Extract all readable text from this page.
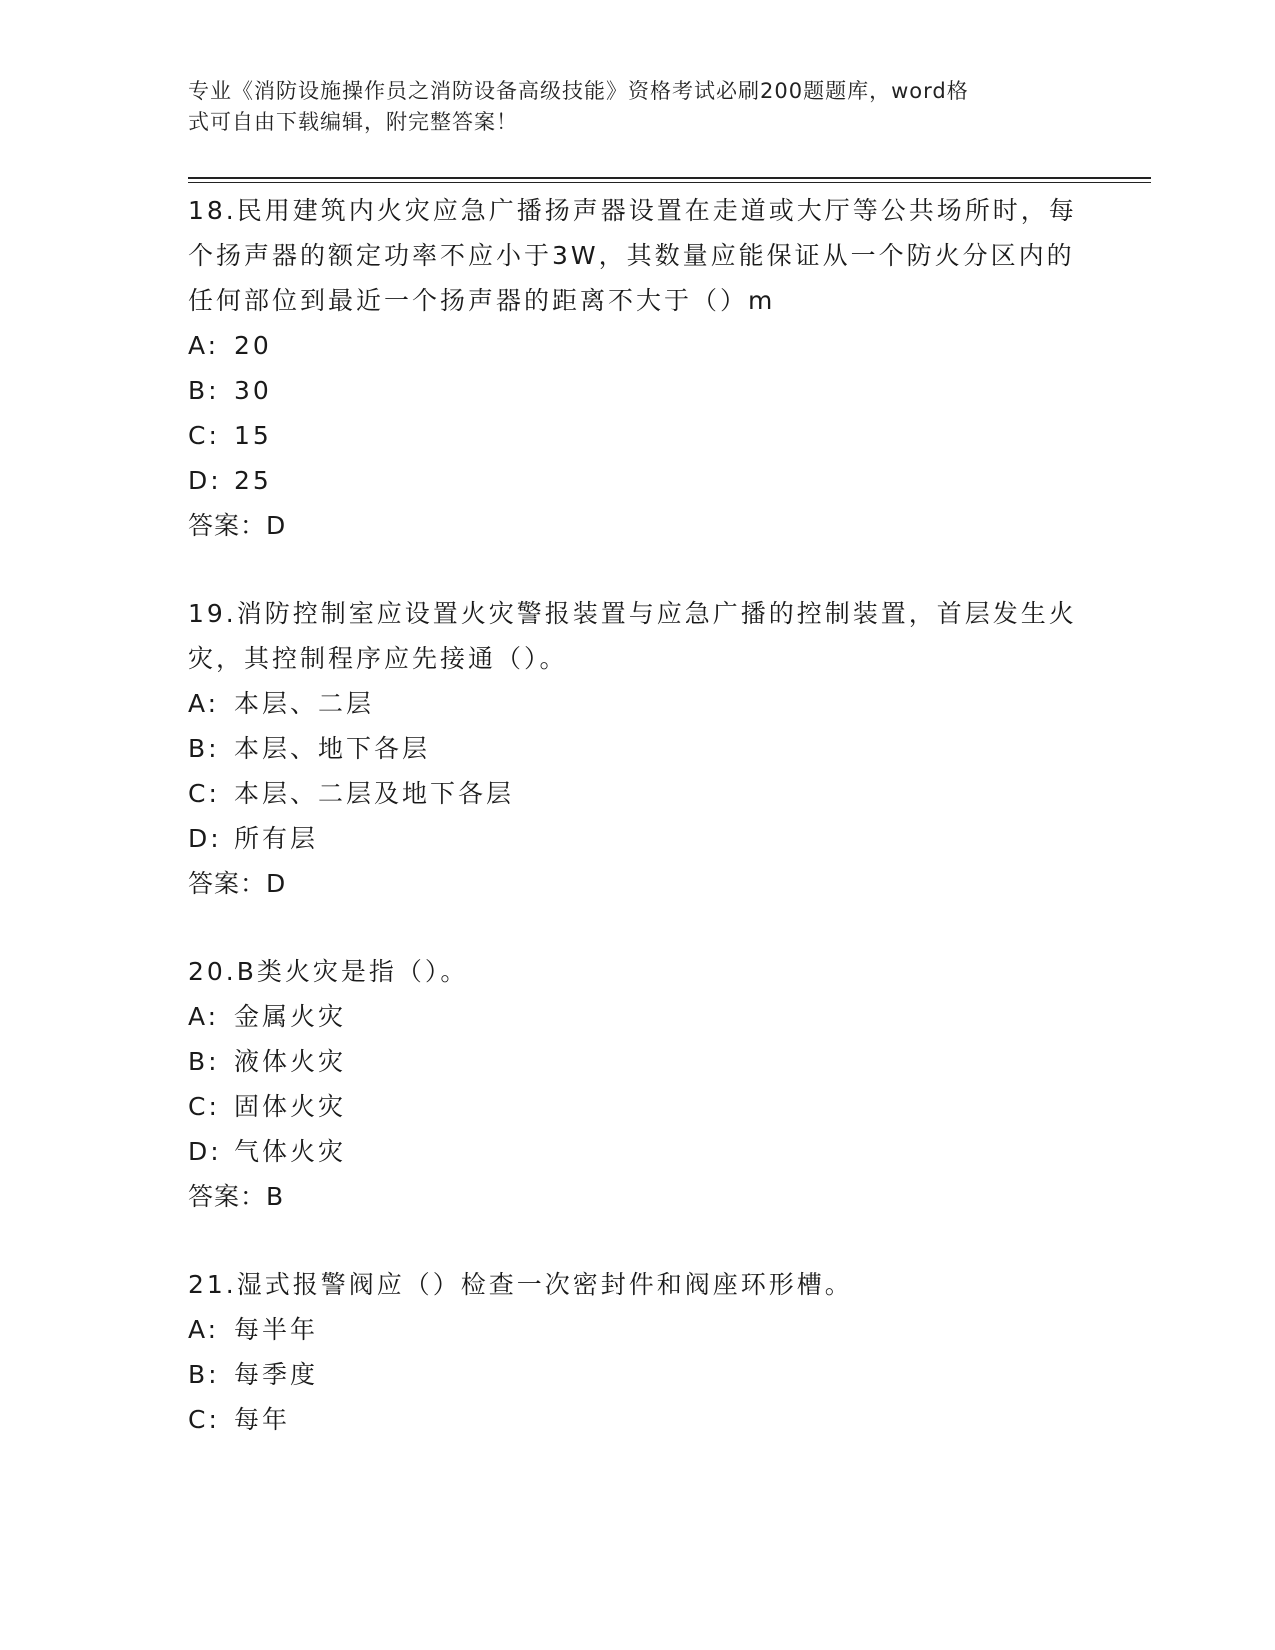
专业《消防设施操作员之消防设备高级技能》资格考试必刷200题题库，word格
式可自由下载编辑，附完整答案！

18.民用建筑内火灾应急广播扬声器设置在走道或大厅等公共场所时，每个扬声器的额定功率不应小于3W，其数量应能保证从一个防火分区内的任何部位到最近一个扬声器的距离不大于（）m

A: 20

B: 30

C: 15

D: 25

答案：D

19.消防控制室应设置火灾警报装置与应急广播的控制装置，首层发生火灾，其控制程序应先接通（）。

A: 本层、二层

B: 本层、地下各层

C: 本层、二层及地下各层

D: 所有层

答案：D

20.B类火灾是指（）。

A: 金属火灾

B: 液体火灾

C: 固体火灾

D: 气体火灾

答案：B

21.湿式报警阀应（）检查一次密封件和阀座环形槽。

A: 每半年

B: 每季度

C: 每年
